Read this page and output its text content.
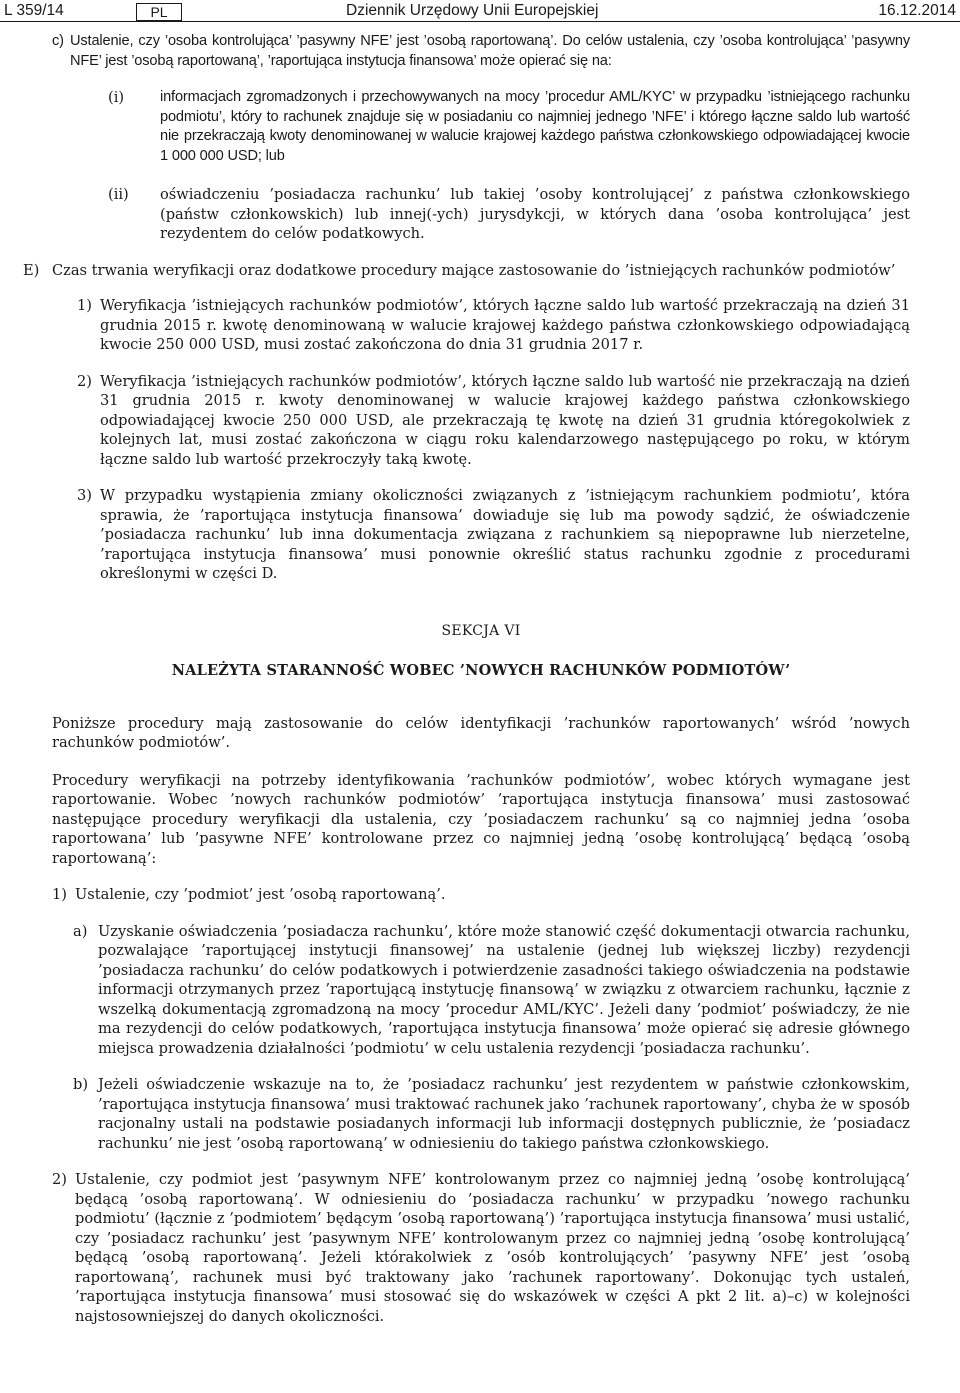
L 359/14	PL	Dziennik Urzędowy Unii Europejskiej	16.12.2014
c) Ustalenie, czy ’osoba kontrolująca’ ’pasywny NFE’ jest ’osobą raportowaną’. Do celów ustalenia, czy ’osoba kontrolująca’ ’pasywny NFE’ jest ’osobą raportowaną’, ’raportująca instytucja finansowa’ może opierać się na:

(i)	informacjach zgromadzonych i przechowywanych na mocy ’procedur AML/KYC’ w przypadku ’istniejącego rachunku podmiotu’, który to rachunek znajduje się w posiadaniu co najmniej jednego ’NFE’ i którego łączne saldo lub wartość nie przekraczają kwoty denominowanej w walucie krajowej każdego państwa członkowskiego odpowiadającej kwocie 1 000 000 USD; lub

(ii)	oświadczeniu ’posiadacza rachunku’ lub takiej ’osoby kontrolującej’ z państwa członkowskiego (państw członkowskich) lub innej(-ych) jurysdykcji, w których dana ’osoba kontrolująca’ jest rezydentem do celów podatkowych.

E) Czas trwania weryfikacji oraz dodatkowe procedury mające zastosowanie do ’istniejących rachunków podmiotów’

1) Weryfikacja ’istniejących rachunków podmiotów’, których łączne saldo lub wartość przekraczają na dzień 31 grudnia 2015 r. kwotę denominowaną w walucie krajowej każdego państwa członkowskiego odpowiadającą kwocie 250 000 USD, musi zostać zakończona do dnia 31 grudnia 2017 r.

2) Weryfikacja ’istniejących rachunków podmiotów’, których łączne saldo lub wartość nie przekraczają na dzień 31 grudnia 2015 r. kwoty denominowanej w walucie krajowej każdego państwa członkowskiego odpowiadającej kwocie 250 000 USD, ale przekraczają tę kwotę na dzień 31 grudnia któregokolwiek z kolejnych lat, musi zostać zakończona w ciągu roku kalendarzowego następującego po roku, w którym łączne saldo lub wartość przekroczyły taką kwotę.

3) W przypadku wystąpienia zmiany okoliczności związanych z ’istniejącym rachunkiem podmiotu’, która sprawia, że ’raportująca instytucja finansowa’ dowiaduje się lub ma powody sądzić, że oświadczenie ’posiadacza rachunku’ lub inna dokumentacja związana z rachunkiem są niepoprawne lub nierzetelne, ’raportująca instytucja finansowa’ musi ponownie określić status rachunku zgodnie z procedurami określonymi w części D.

SEKCJA VI

NALEŻYTA STARANNOŚĆ WOBEC ’NOWYCH RACHUNKÓW PODMIOTÓW’

Poniższe procedury mają zastosowanie do celów identyfikacji ’rachunków raportowanych’ wśród ’nowych rachunków podmiotów’.

Procedury weryfikacji na potrzeby identyfikowania ’rachunków podmiotów’, wobec których wymagane jest raportowanie. Wobec ’nowych rachunków podmiotów’ ’raportująca instytucja finansowa’ musi zastosować następujące procedury weryfikacji dla ustalenia, czy ’posiadaczem rachunku’ są co najmniej jedna ’osoba raportowana’ lub ’pasywne NFE’ kontrolowane przez co najmniej jedną ’osobę kontrolującą’ będącą ’osobą raportowaną’:

1) Ustalenie, czy ’podmiot’ jest ’osobą raportowaną’.

a) Uzyskanie oświadczenia ’posiadacza rachunku’, które może stanowić część dokumentacji otwarcia rachunku, pozwalające ’raportującej instytucji finansowej’ na ustalenie (jednej lub większej liczby) rezydencji ’posiadacza rachunku’ do celów podatkowych i potwierdzenie zasadności takiego oświadczenia na podstawie informacji otrzymanych przez ’raportującą instytucję finansową’ w związku z otwarciem rachunku, łącznie z wszelką dokumentacją zgromadzoną na mocy ’procedur AML/KYC’. Jeżeli dany ’podmiot’ poświadczy, że nie ma rezydencji do celów podatkowych, ’raportująca instytucja finansowa’ może opierać się adresie głównego miejsca prowadzenia działalności ’podmiotu’ w celu ustalenia rezydencji ’posiadacza rachunku’.

b) Jeżeli oświadczenie wskazuje na to, że ’posiadacz rachunku’ jest rezydentem w państwie członkowskim, ’raportująca instytucja finansowa’ musi traktować rachunek jako ’rachunek raportowany’, chyba że w sposób racjonalny ustali na podstawie posiadanych informacji lub informacji dostępnych publicznie, że ’posiadacz rachunku’ nie jest ’osobą raportowaną’ w odniesieniu do takiego państwa członkowskiego.

2) Ustalenie, czy podmiot jest ’pasywnym NFE’ kontrolowanym przez co najmniej jedną ’osobę kontrolującą’ będącą ’osobą raportowaną’. W odniesieniu do ’posiadacza rachunku’ w przypadku ’nowego rachunku podmiotu’ (łącznie z ’podmiotem’ będącym ’osobą raportowaną’) ’raportująca instytucja finansowa’ musi ustalić, czy ’posiadacz rachunku’ jest ’pasywnym NFE’ kontrolowanym przez co najmniej jedną ’osobę kontrolującą’ będącą ’osobą raportowaną’. Jeżeli którakolwiek z ’osób kontrolujących’ ’pasywny NFE’ jest ’osobą raportowaną’, rachunek musi być traktowany jako ’rachunek raportowany’. Dokonując tych ustaleń, ’raportująca instytucja finansowa’ musi stosować się do wskazówek w części A pkt 2 lit. a)–c) w kolejności najstosowniejszej do danych okoliczności.
